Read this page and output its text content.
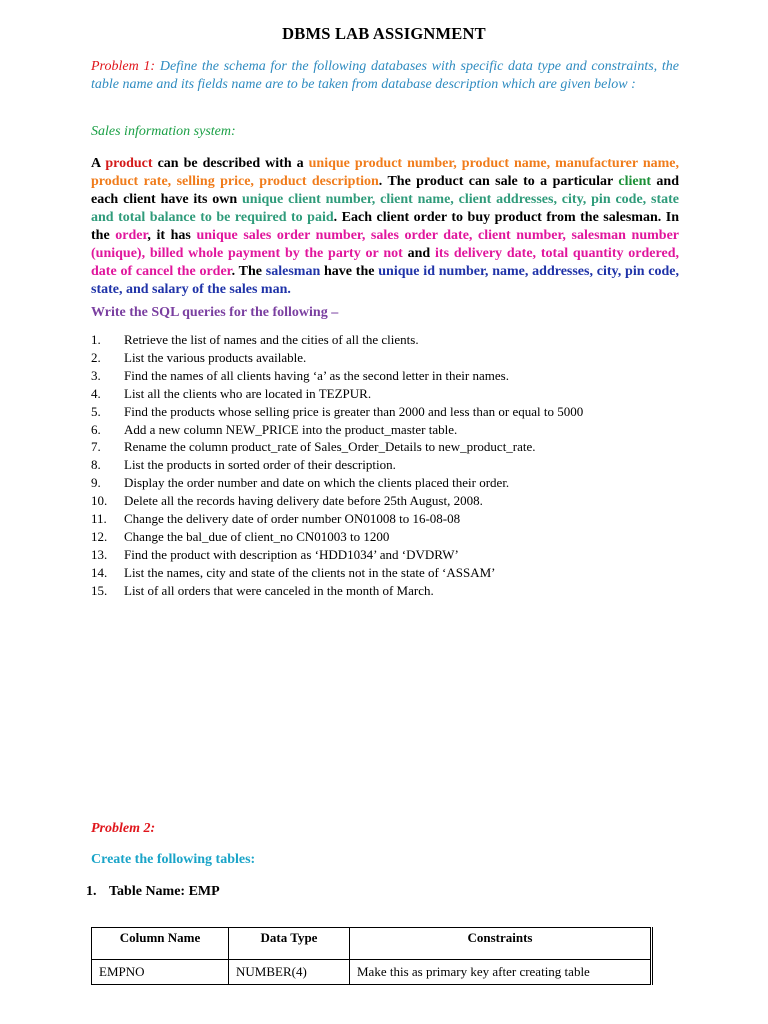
DBMS LAB ASSIGNMENT
Problem 1: Define the schema for the following databases with specific data type and constraints, the table name and its fields name are to be taken from database description which are given below :
Sales information system:
A product can be described with a unique product number, product name, manufacturer name, product rate, selling price, product description. The product can sale to a particular client and each client have its own unique client number, client name, client addresses, city, pin code, state and total balance to be required to paid. Each client order to buy product from the salesman. In the order, it has unique sales order number, sales order date, client number, salesman number (unique), billed whole payment by the party or not and its delivery date, total quantity ordered, date of cancel the order. The salesman have the unique id number, name, addresses, city, pin code, state, and salary of the sales man.
Write the SQL queries for the following –
1. Retrieve the list of names and the cities of all the clients.
2. List the various products available.
3. Find the names of all clients having ‘a’ as the second letter in their names.
4. List all the clients who are located in TEZPUR.
5. Find the products whose selling price is greater than 2000 and less than or equal to 5000
6. Add a new column NEW_PRICE into the product_master table.
7. Rename the column product_rate of Sales_Order_Details to new_product_rate.
8. List the products in sorted order of their description.
9. Display the order number and date on which the clients placed their order.
10. Delete all the records having delivery date before 25th August, 2008.
11. Change the delivery date of order number ON01008 to 16-08-08
12. Change the bal_due of client_no CN01003 to 1200
13. Find the product with description as ‘HDD1034’ and ‘DVDRW’
14. List the names, city and state of the clients not in the state of ‘ASSAM’
15. List of all orders that were canceled in the month of March.
Problem 2:
Create the following tables:
1. Table Name: EMP
Column Name	Data Type	Constraints
EMPNO	NUMBER(4)	Make this as primary key after creating table
